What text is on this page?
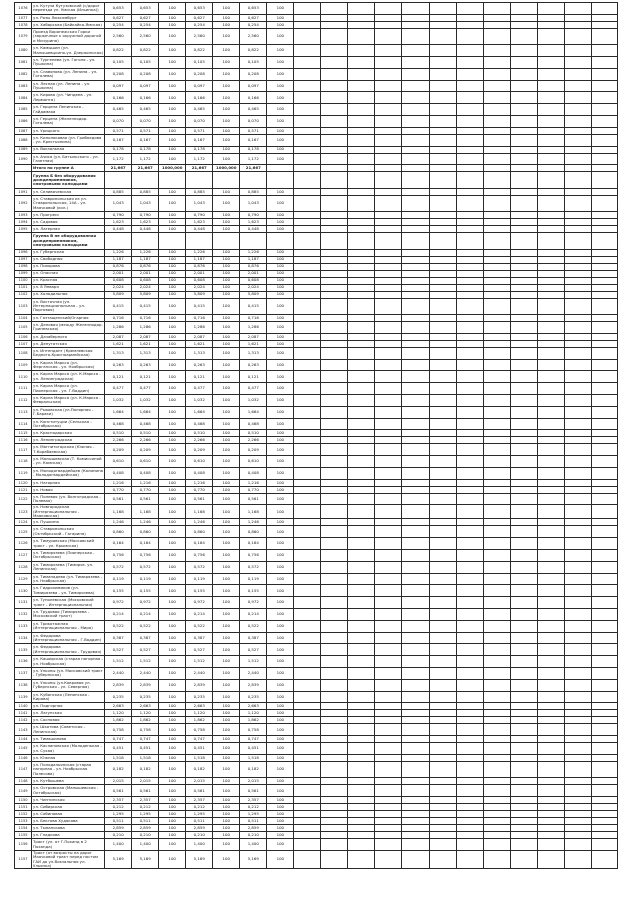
1076	ул. Кутуза Кутузовский (с/дорог переезда ул. Умская (Ильинка))	0,653	0,653	100	0,653	100	0,653	100												
1077	ул. Розы Люксембург	0,627	0,627	100	0,627	100	0,627	100												
1078	ул. Хабарская (Байкайко-Ямская)	0,254	0,254	100	0,254	100	0,254	100												
1079	Проезд Воронежская Горки (заржечные к окружной дорогой и Мичурина)	2,560	2,560	100	2,560	100	2,560	100												
1080	ул. Камышин (ул. Малышевцкино-ул. Дзержинская)	0,822	0,822	100	0,822	100	0,822	100												
1081	ул. Тургенева (ул. Гоголя - ул. Пушкина)	0,105	0,105	100	0,105	100	0,105	100												
1082	ул. Славянова (ул. Ленина - ул. Гоголева)	0,208	0,208	100	0,208	100	0,208	100												
1083	ул. Лесная (ул. Ленина - ул. Пушкина)	0,097	0,097	100	0,097	100	0,097	100												
1084	ул. Кирова (ул. Чиндеев - ул. Лермонта)	0,166	0,166	100	0,166	100	0,166	100												
1085	ул. Герцена Ленинская - Гайдамака	0,465	0,465	100	0,465	100	0,465	100												
1086	ул. Герцена (Железнодор. Гоголева)	0,070	0,070	100	0,070	100	0,070	100												
1087	ул. Урицкого	0,571	0,571	100	0,571	100	0,571	100												
1088	ул. Кинолоковая (ул. Грибоедова - ул. Крестьянина)	0,167	0,167	100	0,167	100	0,167	100												
1089	ул. Вокзальная	0,178	0,178	100	0,178	100	0,178	100												
1090	ул. Ачиса (ул. Батыльского - ул. Газетная)	1,172	1,172	100	1,172	100	1,172	100												
	Итого по группе А	21,667	21,667	1000,000	21,667	1000,000	21,667													
	Группа Б без оборудования дождеприемников, смотровыми колодцами																			
1091	ул. Селивачевская	0,885	0,885	100	0,885	100	0,885	100												
1092	ул. Ставропольская из ул. Ставропольская, 14А - ул. Маячковой (кол.)	1,043	1,043	100	1,043	100	1,043	100												
1093	ул. Прогресс	0,790	0,790	100	0,790	100	0,790	100												
1094	ул. Садовая	1,623	1,623	100	1,623	100	1,623	100												
1095	ул. Лагерная	0,448	0,448	100	0,448	100	0,448	100												
	Группа В не оборудованная дождеприемником, смотровыми колодцами																			
1096	ул. Губернская	1,226	1,226	100	1,226	100	1,226	100												
1097	ул. Свободная	1,187	1,187	100	1,187	100	1,187	100												
1098	ул. Пихорова	0,876	0,876	100	0,876	100	0,876	100												
1099	ул. Опасная	2,001	2,001	100	2,001	100	2,001	100												
1100	ул. Красная	0,608	0,608	100	0,608	100	0,608	100												
1101	ул. 8 Января	2,024	2,024	100	2,024	100	2,024	100												
1102	ул. Холодильная	5,809	5,809	100	5,809	100	5,809	100												
1103	ул. Восточная (ул. Интернациональная - ул. Портовая)	0,415	0,415	100	0,415	100	0,415	100												
1104	ул. Газтащенский/Огарная	0,716	0,716	100	0,716	100	0,716	100												
1105	ул. Деповая (между Железнодор. Гриневская)	1,286	1,286	100	1,286	100	1,286	100												
1106	ул. Дачаберного	2,087	2,087	100	2,087	100	2,087	100												
1107	ул. Депутатская	1,621	1,621	100	1,621	100	1,621	100												
1108	ул. Интендант (Кремлевская Бедного-Красноармейская)	1,313	1,313	100	1,313	100	1,313	100												
1109	ул. Карла Маркса (ул. Ферганская - ул. Ноябрьская)	0,263	0,263	100	0,263	100	0,263	100												
1110	ул. Карла Маркса (ул. К.Маркса - ул. Ленинградская)	0,121	0,121	100	0,121	100	0,121	100												
1111	ул. Карла Маркса (ул. Пионерская - ул. Г.Ваддин)	0,477	0,477	100	0,477	100	0,477	100												
1112	ул. Карла Маркса (ул. К.Маркса - Февральская)	1,032	1,032	100	1,032	100	1,032	100												
1113	ул. Рыковская (ул.Полярная - Г.Бараки)	1,664	1,664	100	1,664	100	1,664	100												
1114	ул. Конституции (Сельская - Октябрьская)	0,468	0,468	100	0,468	100	0,468	100												
1115	ул. Краснодарская	0,510	0,510	100	0,510	100	0,510	100												
1116	ул. Ленинградская	2,266	2,266	100	2,266	100	2,266	100												
1117	ул. Магнитогорская (Южная - Т.Корабаевская)	0,209	0,209	100	0,209	100	0,209	100												
1118	ул. Малышевская (Т. Комиссиной - ул. Камская)	0,610	0,610	100	0,610	100	0,610	100												
1119	ул. Молодогвардейцев (Калинина - Молодогвардейская)	0,408	0,408	100	0,408	100	0,408	100												
1120	ул. Нагорная	1,216	1,216	100	1,216	100	1,216	100												
1121	ул. Новая	0,770	0,770	100	0,770	100	0,770	100												
1122	ул. Полевая (ул. Волгоградская - Полевая)	0,561	0,561	100	0,561	100	0,561	100												
1123	ул. Новгородская (Интернациональная - Маяковская)	1,168	1,168	100	1,168	100	1,168	100												
1124	ул. Пушкина	1,246	1,246	100	1,246	100	1,246	100												
1125	ул. Ставропольская (Октябрьский - Гагарина)	0,860	0,860	100	0,860	100	0,860	100												
1126	ул. Тимуровская (Московский тракт - ул. Крымская)	0,164	0,164	100	0,164	100	0,164	100												
1127	ул. Тимирязева (Пионерская - Октябрьская)	0,756	0,756	100	0,756	100	0,756	100												
1128	ул. Тимирязева (Тимиряз. ул. Ленинская)	0,572	0,572	100	0,572	100	0,572	100												
1129	ул. Тиманадева (ул. Тимирязева - ул. Ноябрьская)	0,119	0,119	100	0,119	100	0,119	100												
1130	ул. Гидрохимиков (ул. Тимирязева - ул. Тимирязева)	0,155	0,155	100	0,155	100	0,155	100												
1131	ул. Туполевская (Московский тракт - Интернациональная)	0,972	0,972	100	0,972	100	0,972	100												
1132	ул. Трудовая (Тимирязева - Московский тракт)	0,214	0,214	100	0,214	100	0,214	100												
1133	ул. Трикотажная (Интернациональная - Мира)	0,522	0,522	100	0,522	100	0,522	100												
1134	ул. Федорова (Интернациональная - Г.Ваддин)	0,387	0,387	100	0,387	100	0,387	100												
1135	ул. Федорова (Интернациональная - Трудовая)	0,527	0,527	100	0,527	100	0,527	100												
1136	ул. Каширская (старая нагорная - ул. Ноябрьская)	1,512	1,512	100	1,512	100	1,512	100												
1137	ул. Ульяны (ул. Московский тракт - Губернская)	2,440	2,440	100	2,440	100	2,440	100												
1138	ул. Ульяны (ул.Ковровая ул. Губернская - ул. Северная)	2,839	2,839	100	2,839	100	2,839	100												
1139	ул. Кубанская (Ленинская - Кирова)	0,235	0,235	100	0,235	100	0,235	100												
1140	ул. Подгорная	2,663	2,663	100	2,663	100	2,663	100												
1141	ул. Лагунская	1,120	1,120	100	1,120	100	1,120	100												
1142	ул. Сосновая	1,862	1,862	100	1,862	100	1,862	100												
1143	ул. Шкотова (Советская - Ленинская)	0,758	0,758	100	0,758	100	0,758	100												
1144	ул. Тимашинова	0,747	0,747	100	0,747	100	0,747	100												
1145	ул. Каслановская (Молоденькая - ул. Сухая)	0,451	0,451	100	0,451	100	0,451	100												
1146	ул. Южная	1,518	1,518	100	1,518	100	1,518	100												
1147	ул. Полодальянская (старая нагорная - ул. Ноябрьская Полесова)	0,182	0,182	100	0,182	100	0,182	100												
1148	ул. Кутбышева	2,015	2,015	100	2,015	100	2,015	100												
1149	ул. Островская (Малышевская - Октябрьская)	0,561	0,561	100	0,561	100	0,561	100												
1150	ул. Чинтинская	2,357	2,357	100	2,357	100	2,357	100												
1151	ул. Сибирская	0,212	0,212	100	0,212	100	0,212	100												
1152	ул. Собиновая	1,295	1,295	100	1,295	100	1,295	100												
1153	ул. Бектова Худякова	0,511	0,511	100	0,511	100	0,511	100												
1154	ул. Тынанскова	2,859	2,859	100	2,859	100	2,859	100												
1155	ул. Гладкова	0,210	0,210	100	0,210	100	0,210	100												
1156	Тракт (ул. от Г.Поханд в 2 Поханда)	1,400	1,400	100	1,400	100	1,400	100												
1157	Тракт (от возросты на дорог Маячковой тракт перед постом ГАИ до ул.Вокзальная ул. Ульянка)	5,169	5,169	100	5,169	100	5,169	100												
